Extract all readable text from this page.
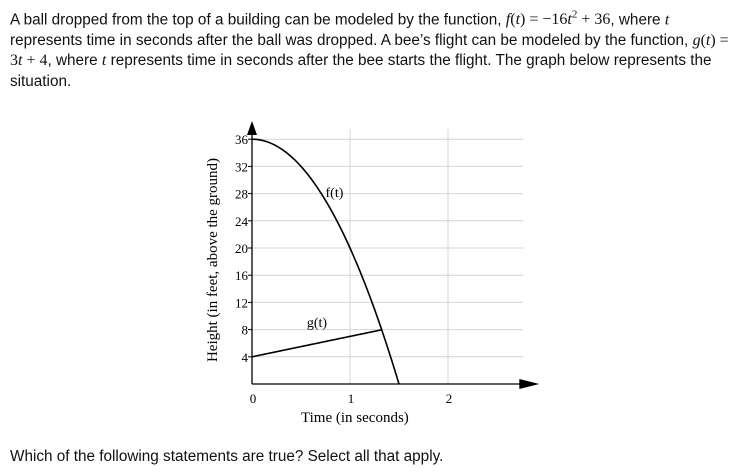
A ball dropped from the top of a building can be modeled by the function, $f(t) = -16t^2 + 36$, where t represents time in seconds after the ball was dropped. A bee’s flight can be modeled by the function, g(t) = 3t + 4, where t represents time in seconds after the bee starts the flight. The graph below represents the situation.
4
8
12
16
20
24
28
32
36
0	1	2
Time (in seconds)
Height (in feet, above the ground)	f(t)
g(t)
Which of the following statements are true? Select all that apply.
